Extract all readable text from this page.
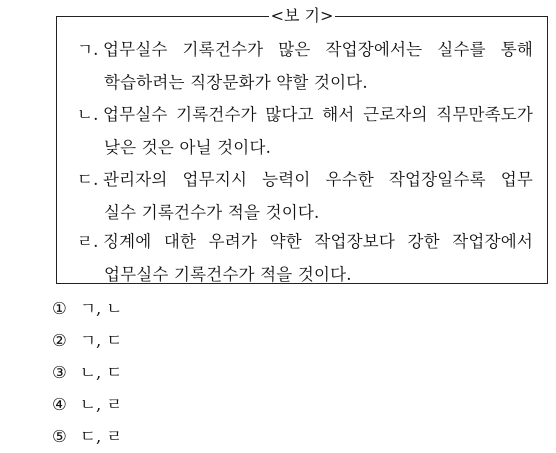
<보 기>
ㄱ. 업무실수 기록건수가 많은 작업장에서는 실수를 통해
학습하려는 직장문화가 약할 것이다.
ㄴ. 업무실수 기록건수가 많다고 해서 근로자의 직무만족도가
낮은 것은 아닐 것이다.
ㄷ. 관리자의 업무지시 능력이 우수한 작업장일수록 업무
실수 기록건수가 적을 것이다.
ㄹ. 징계에 대한 우려가 약한 작업장보다 강한 작업장에서
업무실수 기록건수가 적을 것이다.
① ㄱ, ㄴ
② ㄱ, ㄷ
③ ㄴ, ㄷ
④ ㄴ, ㄹ
⑤ ㄷ, ㄹ
